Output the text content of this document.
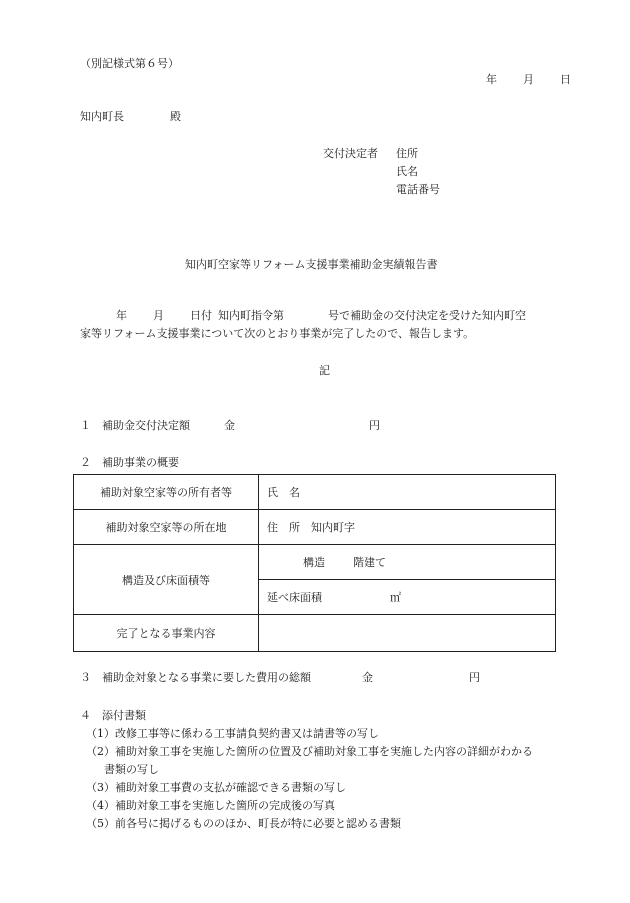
（別記様式第６号）
年 月 日
知内町長	殿
交付決定者 住所
氏名
電話番号
知内町空家等リフォーム支援事業補助金実績報告書
年 月 日付 知内町指令第	号で補助金の交付決定を受けた知内町空
家等リフォーム支援事業について次のとおり事業が完了したので、報告します。
記
１　補助金交付決定額	金	円
２　補助事業の概要
補助対象空家等の所有者等	氏　名
補助対象空家等の所在地	住　所　知内町字
構造及び床面積等	構造 階建て
	延べ床面積 ㎡
完了となる事業内容	
３　補助金対象となる事業に要した費用の総額	金	円
４　添付書類
（1）改修工事等に係わる工事請負契約書又は請書等の写し
（2）補助対象工事を実施した箇所の位置及び補助対象工事を実施した内容の詳細がわかる
書類の写し
（3）補助対象工事費の支払が確認できる書類の写し
（4）補助対象工事を実施した箇所の完成後の写真
（5）前各号に掲げるもののほか、町長が特に必要と認める書類
